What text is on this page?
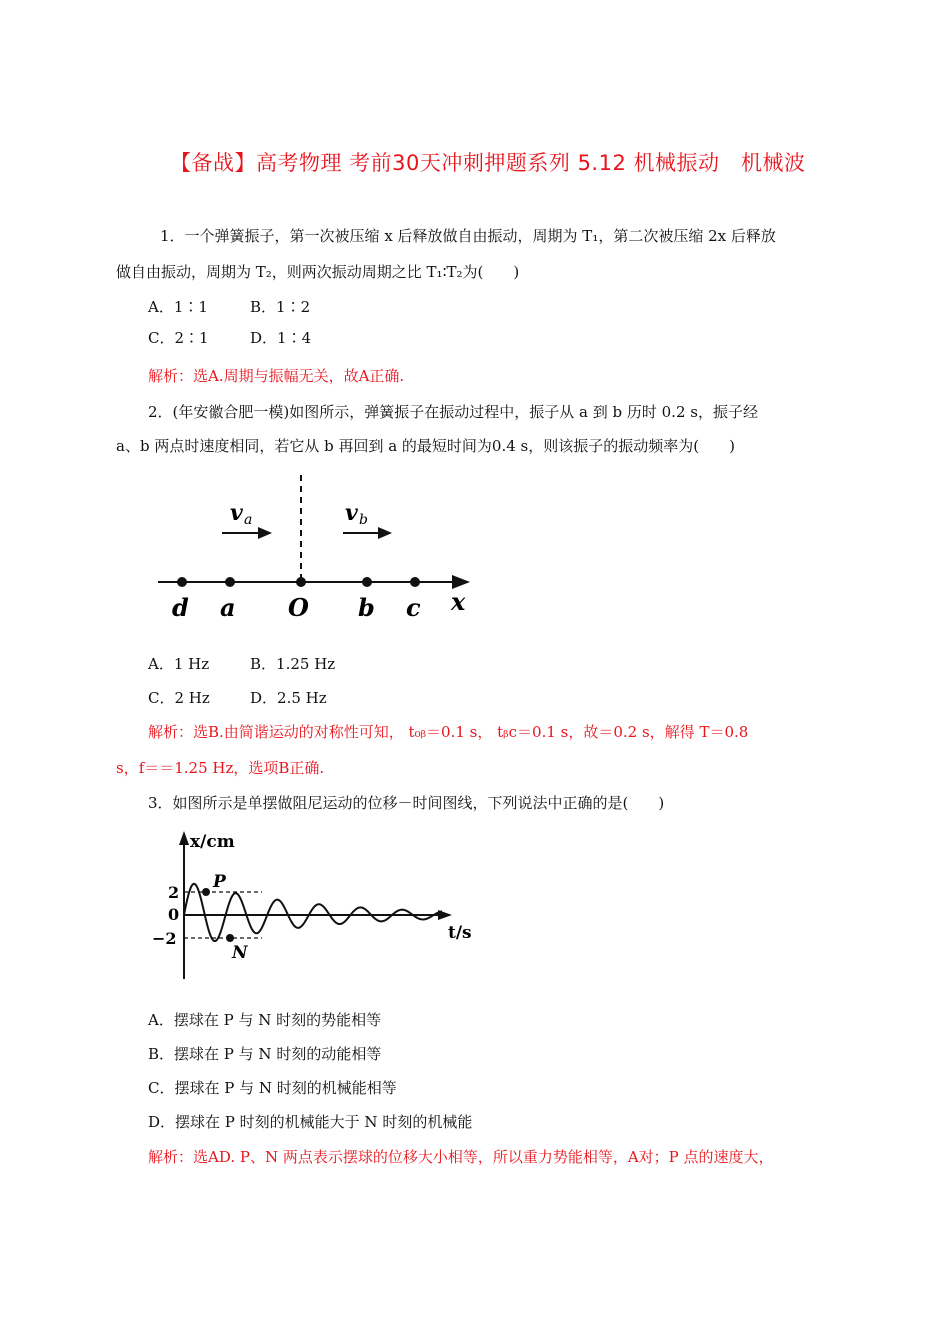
【备战】高考物理 考前30天冲刺押题系列 5.12 机械振动　机械波
1．一个弹簧振子，第一次被压缩 x 后释放做自由振动，周期为 T₁，第二次被压缩 2x 后释放
做自由振动，周期为 T₂，则两次振动周期之比 T₁∶T₂为(　　)
A．1∶1	B．1∶2
C．2∶1	D．1∶4
解析：选A.周期与振幅无关，故A正确.
2．(年安徽合肥一模)如图所示，弹簧振子在振动过程中，振子从 a 到 b 历时 0.2 s，振子经
a、b 两点时速度相同，若它从 b 再回到 a 的最短时间为0.4 s，则该振子的振动频率为(　　)
v a	v b
d a O b c x
A．1 Hz	B．1.25 Hz
C．2 Hz	D．2.5 Hz
解析：选B.由简谐运动的对称性可知， t₀ᵦ＝0.1 s， tᵦc＝0.1 s，故＝0.2 s，解得 T＝0.8
s，f＝＝1.25 Hz，选项B正确.
3．如图所示是单摆做阻尼运动的位移－时间图线，下列说法中正确的是(　　)
x/cm
t/s
2
0
−2
P
N
A．摆球在 P 与 N 时刻的势能相等
B．摆球在 P 与 N 时刻的动能相等
C．摆球在 P 与 N 时刻的机械能相等
D．摆球在 P 时刻的机械能大于 N 时刻的机械能
解析：选AD. P、N 两点表示摆球的位移大小相等，所以重力势能相等，A对；P 点的速度大，
